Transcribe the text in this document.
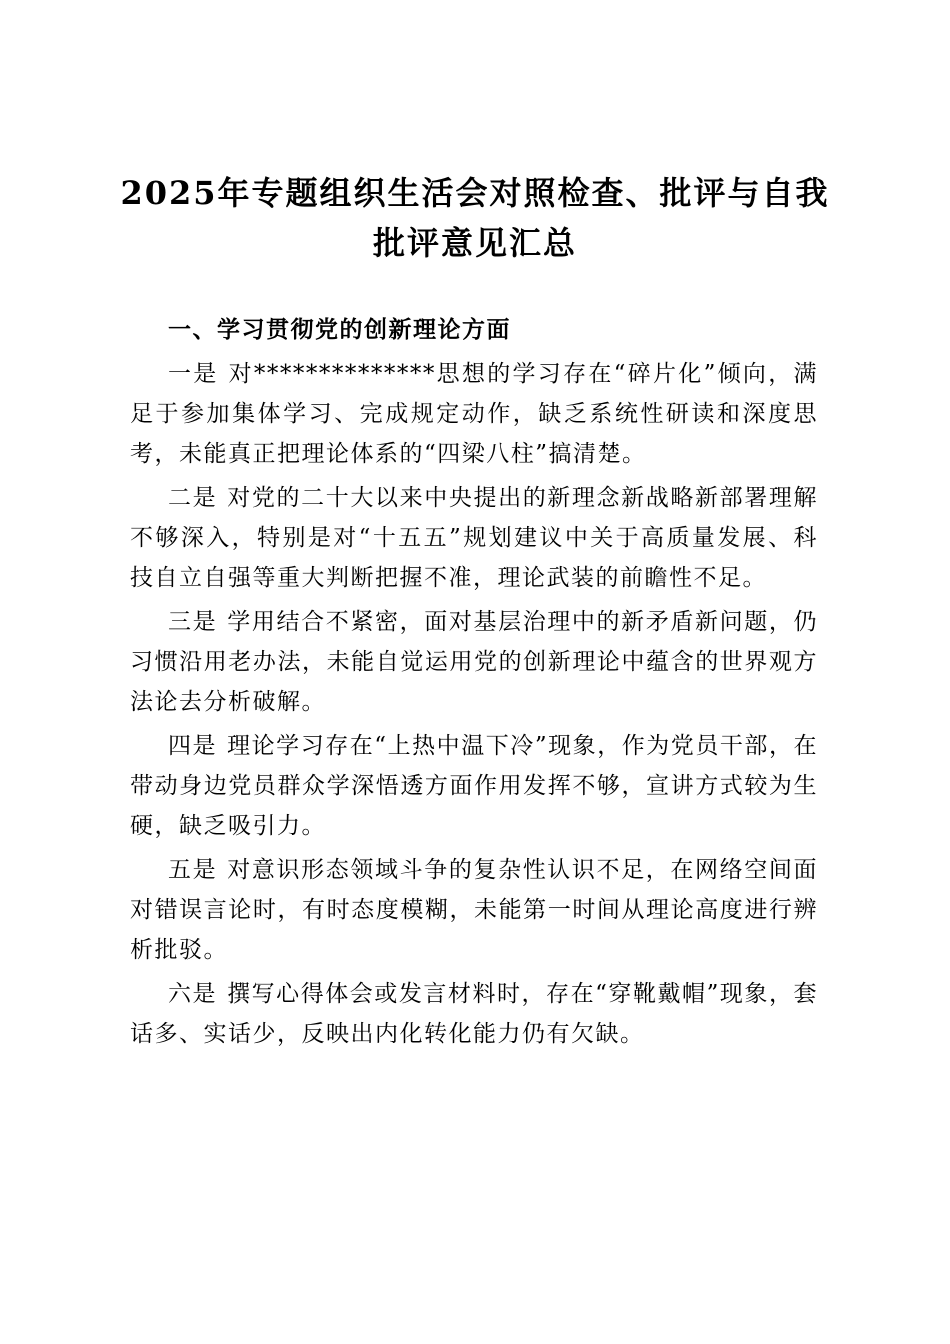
2025年专题组织生活会对照检查、批评与自我批评意见汇总

一、学习贯彻党的创新理论方面

一是 对**************思想的学习存在“碎片化”倾向，满足于参加集体学习、完成规定动作，缺乏系统性研读和深度思考，未能真正把理论体系的“四梁八柱”搞清楚。

二是 对党的二十大以来中央提出的新理念新战略新部署理解不够深入，特别是对“十五五”规划建议中关于高质量发展、科技自立自强等重大判断把握不准，理论武装的前瞻性不足。

三是 学用结合不紧密，面对基层治理中的新矛盾新问题，仍习惯沿用老办法，未能自觉运用党的创新理论中蕴含的世界观方法论去分析破解。

四是 理论学习存在“上热中温下冷”现象，作为党员干部，在带动身边党员群众学深悟透方面作用发挥不够，宣讲方式较为生硬，缺乏吸引力。

五是 对意识形态领域斗争的复杂性认识不足，在网络空间面对错误言论时，有时态度模糊，未能第一时间从理论高度进行辨析批驳。

六是 撰写心得体会或发言材料时，存在“穿靴戴帽”现象，套话多、实话少，反映出内化转化能力仍有欠缺。
